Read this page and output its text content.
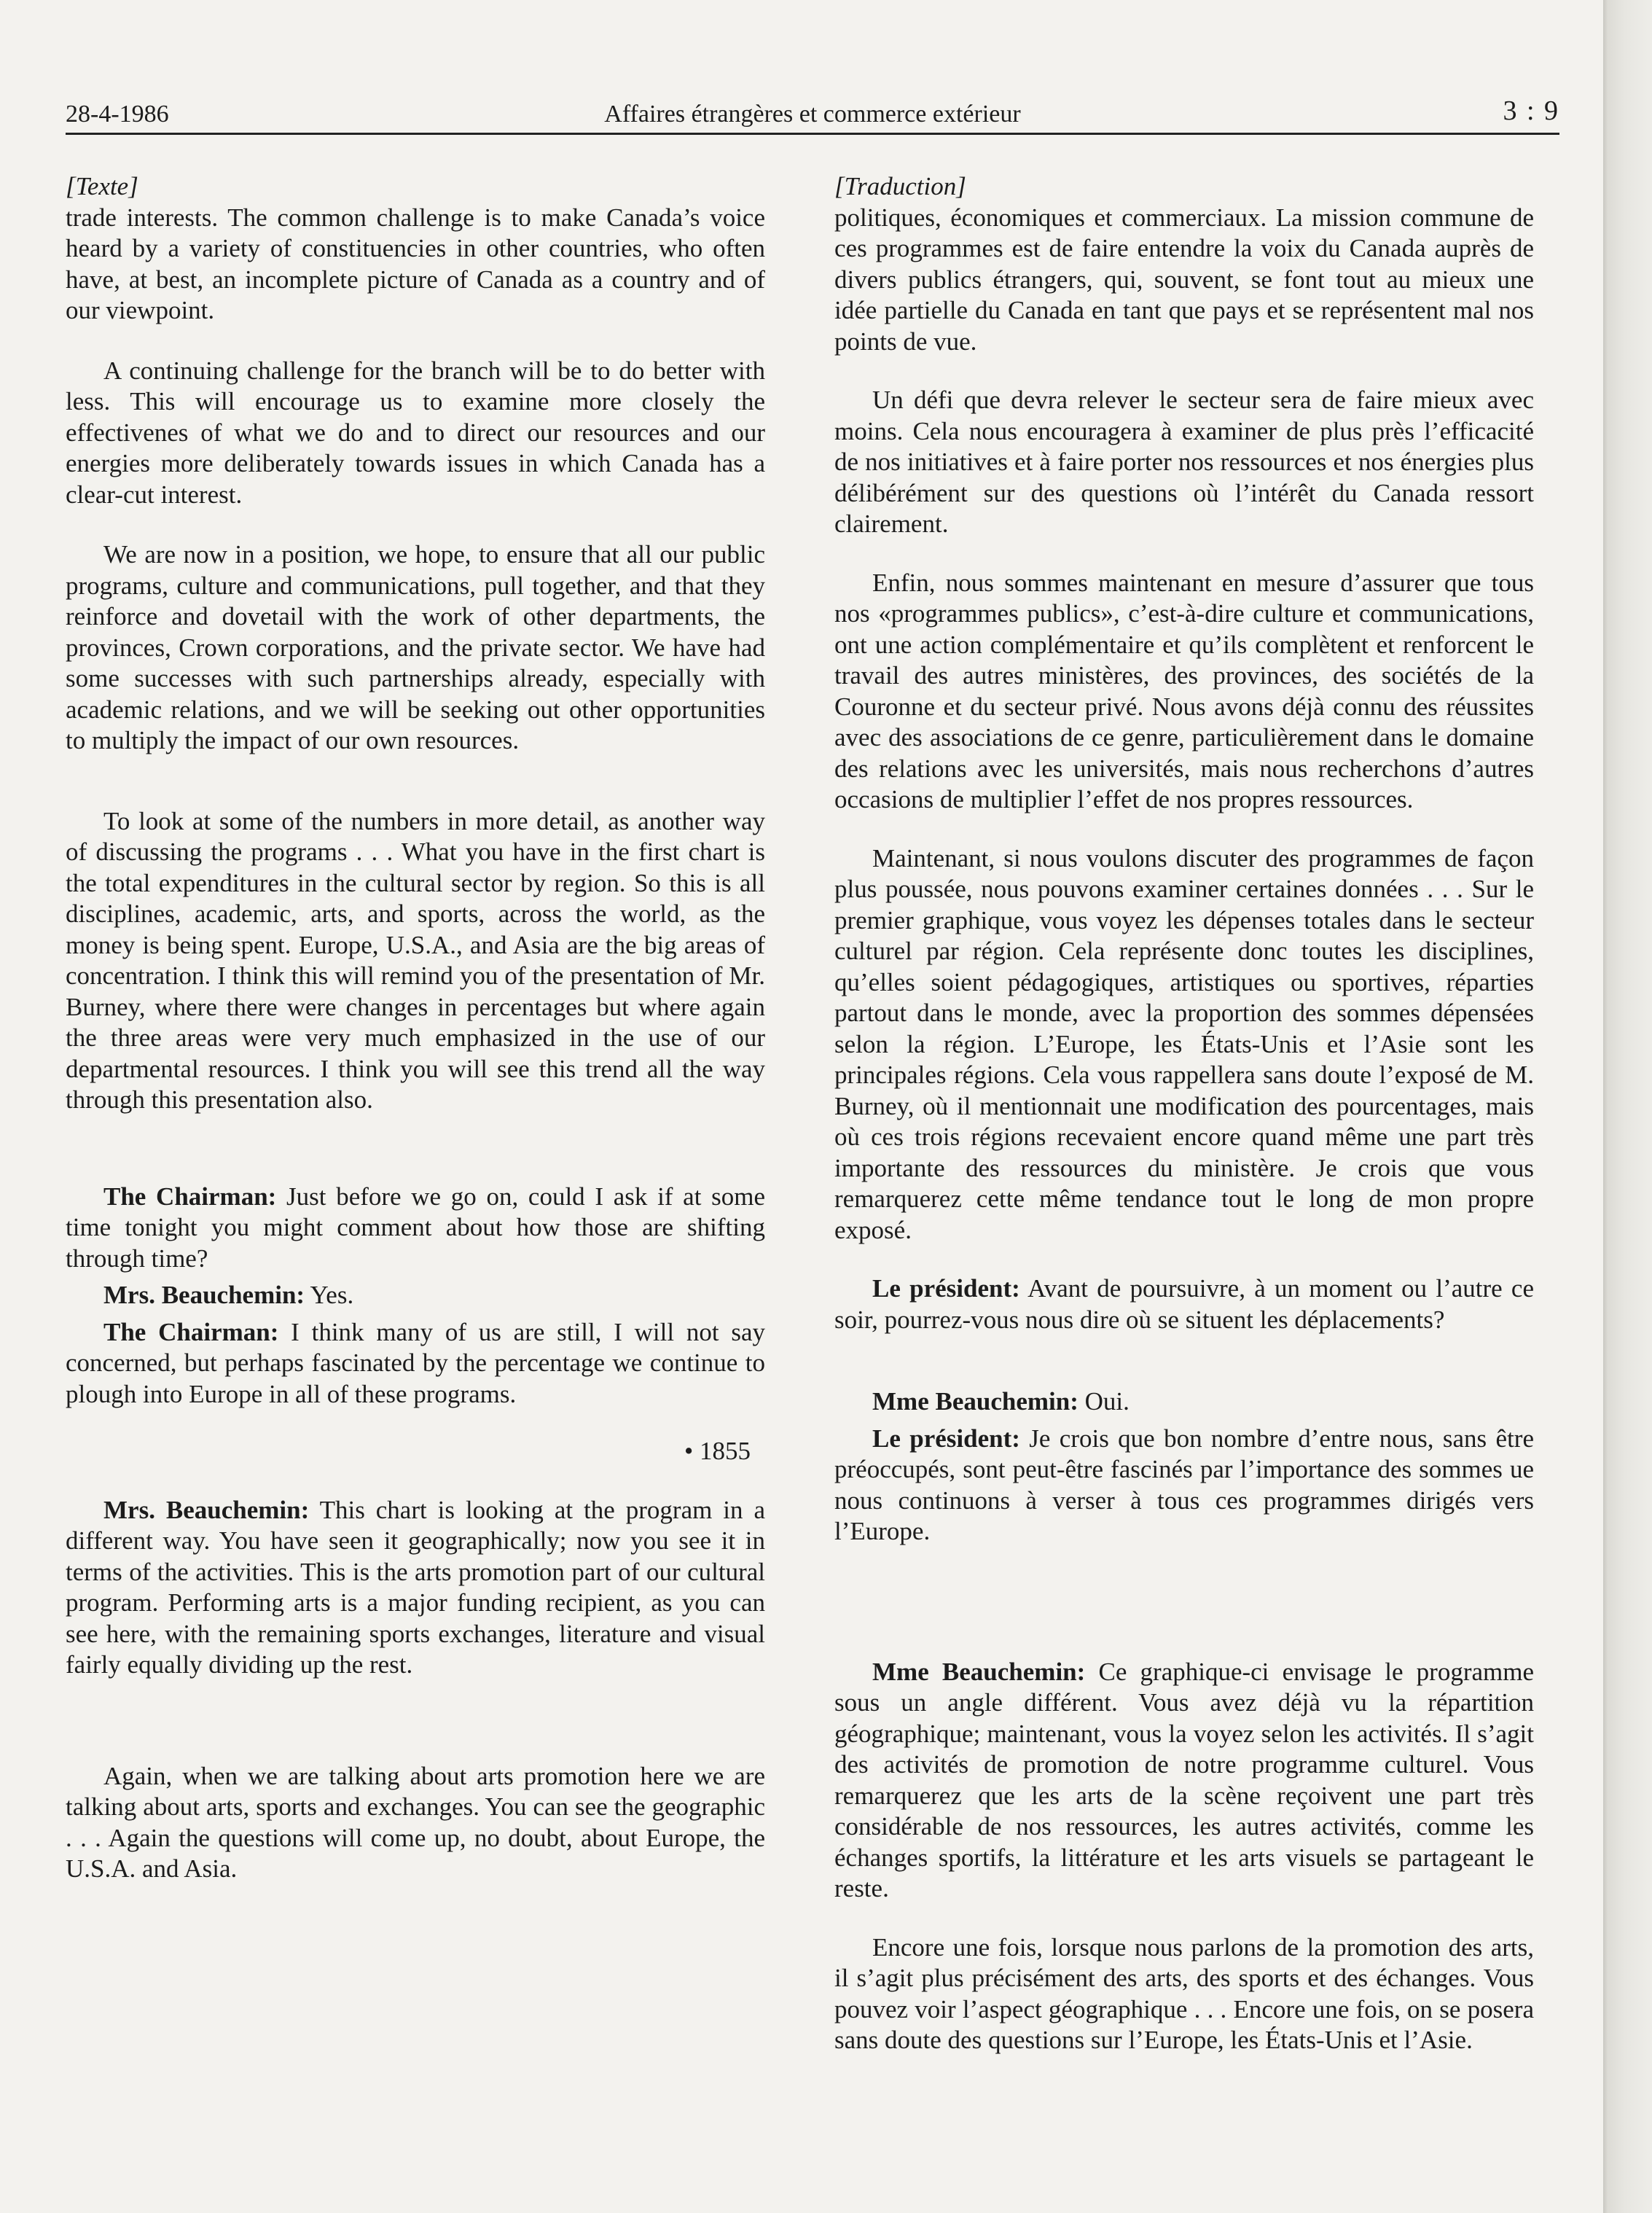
28-4-1986	Affaires étrangères et commerce extérieur	3 : 9

[Texte]

trade interests. The common challenge is to make Canada’s voice heard by a variety of constituencies in other countries, who often have, at best, an incomplete picture of Canada as a country and of our viewpoint.

A continuing challenge for the branch will be to do better with less. This will encourage us to examine more closely the effectivenes of what we do and to direct our resources and our energies more deliberately towards issues in which Canada has a clear-cut interest.

We are now in a position, we hope, to ensure that all our public programs, culture and communications, pull together, and that they reinforce and dovetail with the work of other departments, the provinces, Crown corporations, and the private sector. We have had some successes with such partnerships already, especially with academic relations, and we will be seeking out other opportunities to multiply the impact of our own resources.

To look at some of the numbers in more detail, as another way of discussing the programs . . . What you have in the first chart is the total expenditures in the cultural sector by region. So this is all disciplines, academic, arts, and sports, across the world, as the money is being spent. Europe, U.S.A., and Asia are the big areas of concentration. I think this will remind you of the presentation of Mr. Burney, where there were changes in percentages but where again the three areas were very much emphasized in the use of our departmental resources. I think you will see this trend all the way through this presentation also.

The Chairman: Just before we go on, could I ask if at some time tonight you might comment about how those are shifting through time?

Mrs. Beauchemin: Yes.

The Chairman: I think many of us are still, I will not say concerned, but perhaps fascinated by the percentage we continue to plough into Europe in all of these programs.

• 1855

Mrs. Beauchemin: This chart is looking at the program in a different way. You have seen it geographically; now you see it in terms of the activities. This is the arts promotion part of our cultural program. Performing arts is a major funding recipient, as you can see here, with the remaining sports exchanges, literature and visual fairly equally dividing up the rest.

Again, when we are talking about arts promotion here we are talking about arts, sports and exchanges. You can see the geographic . . . Again the questions will come up, no doubt, about Europe, the U.S.A. and Asia.

[Traduction]

politiques, économiques et commerciaux. La mission commune de ces programmes est de faire entendre la voix du Canada auprès de divers publics étrangers, qui, souvent, se font tout au mieux une idée partielle du Canada en tant que pays et se représentent mal nos points de vue.

Un défi que devra relever le secteur sera de faire mieux avec moins. Cela nous encouragera à examiner de plus près l’efficacité de nos initiatives et à faire porter nos ressources et nos énergies plus délibérément sur des questions où l’intérêt du Canada ressort clairement.

Enfin, nous sommes maintenant en mesure d’assurer que tous nos «programmes publics», c’est-à-dire culture et communications, ont une action complémentaire et qu’ils complètent et renforcent le travail des autres ministères, des provinces, des sociétés de la Couronne et du secteur privé. Nous avons déjà connu des réussites avec des associations de ce genre, particulièrement dans le domaine des relations avec les universités, mais nous recherchons d’autres occasions de multiplier l’effet de nos propres ressources.

Maintenant, si nous voulons discuter des programmes de façon plus poussée, nous pouvons examiner certaines données . . . Sur le premier graphique, vous voyez les dépenses totales dans le secteur culturel par région. Cela représente donc toutes les disciplines, qu’elles soient pédagogiques, artistiques ou sportives, réparties partout dans le monde, avec la proportion des sommes dépensées selon la région. L’Europe, les États-Unis et l’Asie sont les principales régions. Cela vous rappellera sans doute l’exposé de M. Burney, où il mentionnait une modification des pourcentages, mais où ces trois régions recevaient encore quand même une part très importante des ressources du ministère. Je crois que vous remarquerez cette même tendance tout le long de mon propre exposé.

Le président: Avant de poursuivre, à un moment ou l’autre ce soir, pourrez-vous nous dire où se situent les déplacements?

Mme Beauchemin: Oui.

Le président: Je crois que bon nombre d’entre nous, sans être préoccupés, sont peut-être fascinés par l’importance des sommes ue nous continuons à verser à tous ces programmes dirigés vers l’Europe.

Mme Beauchemin: Ce graphique-ci envisage le programme sous un angle différent. Vous avez déjà vu la répartition géographique; maintenant, vous la voyez selon les activités. Il s’agit des activités de promotion de notre programme culturel. Vous remarquerez que les arts de la scène reçoivent une part très considérable de nos ressources, les autres activités, comme les échanges sportifs, la littérature et les arts visuels se partageant le reste.

Encore une fois, lorsque nous parlons de la promotion des arts, il s’agit plus précisément des arts, des sports et des échanges. Vous pouvez voir l’aspect géographique . . . Encore une fois, on se posera sans doute des questions sur l’Europe, les États-Unis et l’Asie.
